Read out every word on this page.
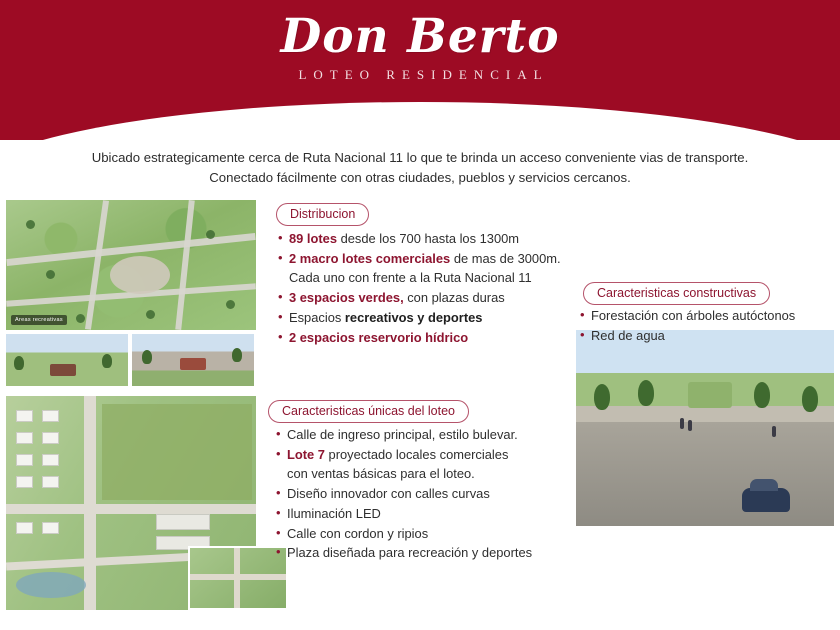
Don Berto
LOTEO RESIDENCIAL
Ubicado estrategicamente cerca de Ruta Nacional 11 lo que te brinda un acceso conveniente vias de transporte.
Conectado fácilmente con otras ciudades, pueblos y servicios cercanos.
Areas recreativas
Distribucion
• 89 lotes desde los 700 hasta los 1300m
• 2 macro lotes comerciales de mas de 3000m.
Cada uno con frente a la Ruta Nacional 11
• 3 espacios verdes, con plazas duras
• Espacios recreativos y deportes
• 2 espacios reservorio hídrico
Caracteristicas constructivas
• Forestación con árboles autóctonos
• Red de agua
Caracteristicas únicas del loteo
• Calle de ingreso principal, estilo bulevar.
• Lote 7 proyectado locales comerciales
con ventas básicas para el loteo.
• Diseño innovador con calles curvas
• Iluminación LED
• Calle con cordon y ripios
• Plaza diseñada para recreación y deportes
